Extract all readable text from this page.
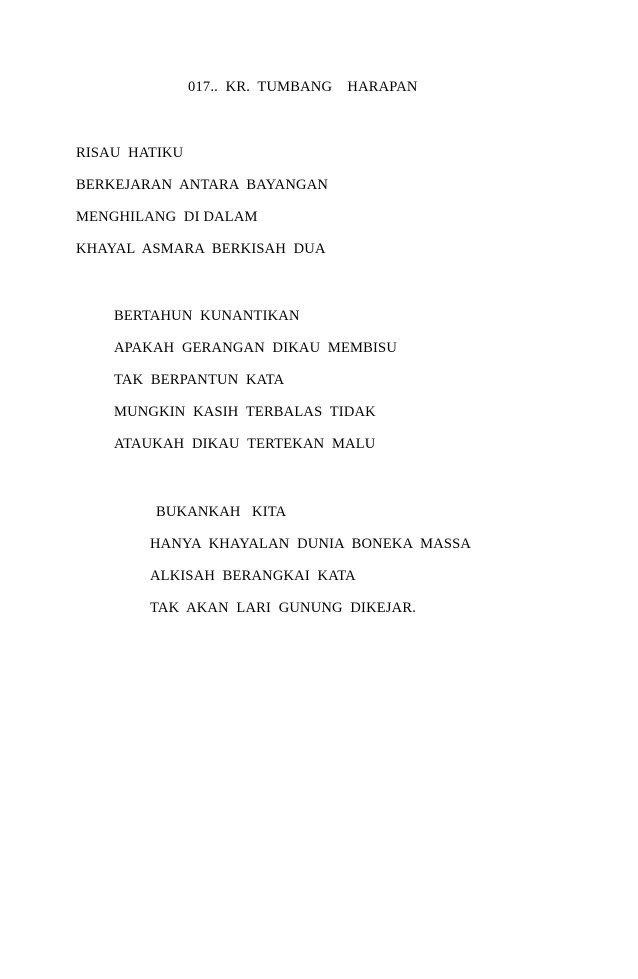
017..  KR.  TUMBANG    HARAPAN
RISAU  HATIKU
BERKEJARAN  ANTARA  BAYANGAN
MENGHILANG  DI DALAM
KHAYAL  ASMARA  BERKISAH  DUA
BERTAHUN  KUNANTIKAN
APAKAH  GERANGAN  DIKAU  MEMBISU
TAK  BERPANTUN  KATA
MUNGKIN  KASIH  TERBALAS  TIDAK
ATAUKAH  DIKAU  TERTEKAN  MALU
BUKANKAH   KITA
HANYA  KHAYALAN  DUNIA  BONEKA  MASSA
ALKISAH  BERANGKAI  KATA
TAK  AKAN  LARI  GUNUNG  DIKEJAR.
